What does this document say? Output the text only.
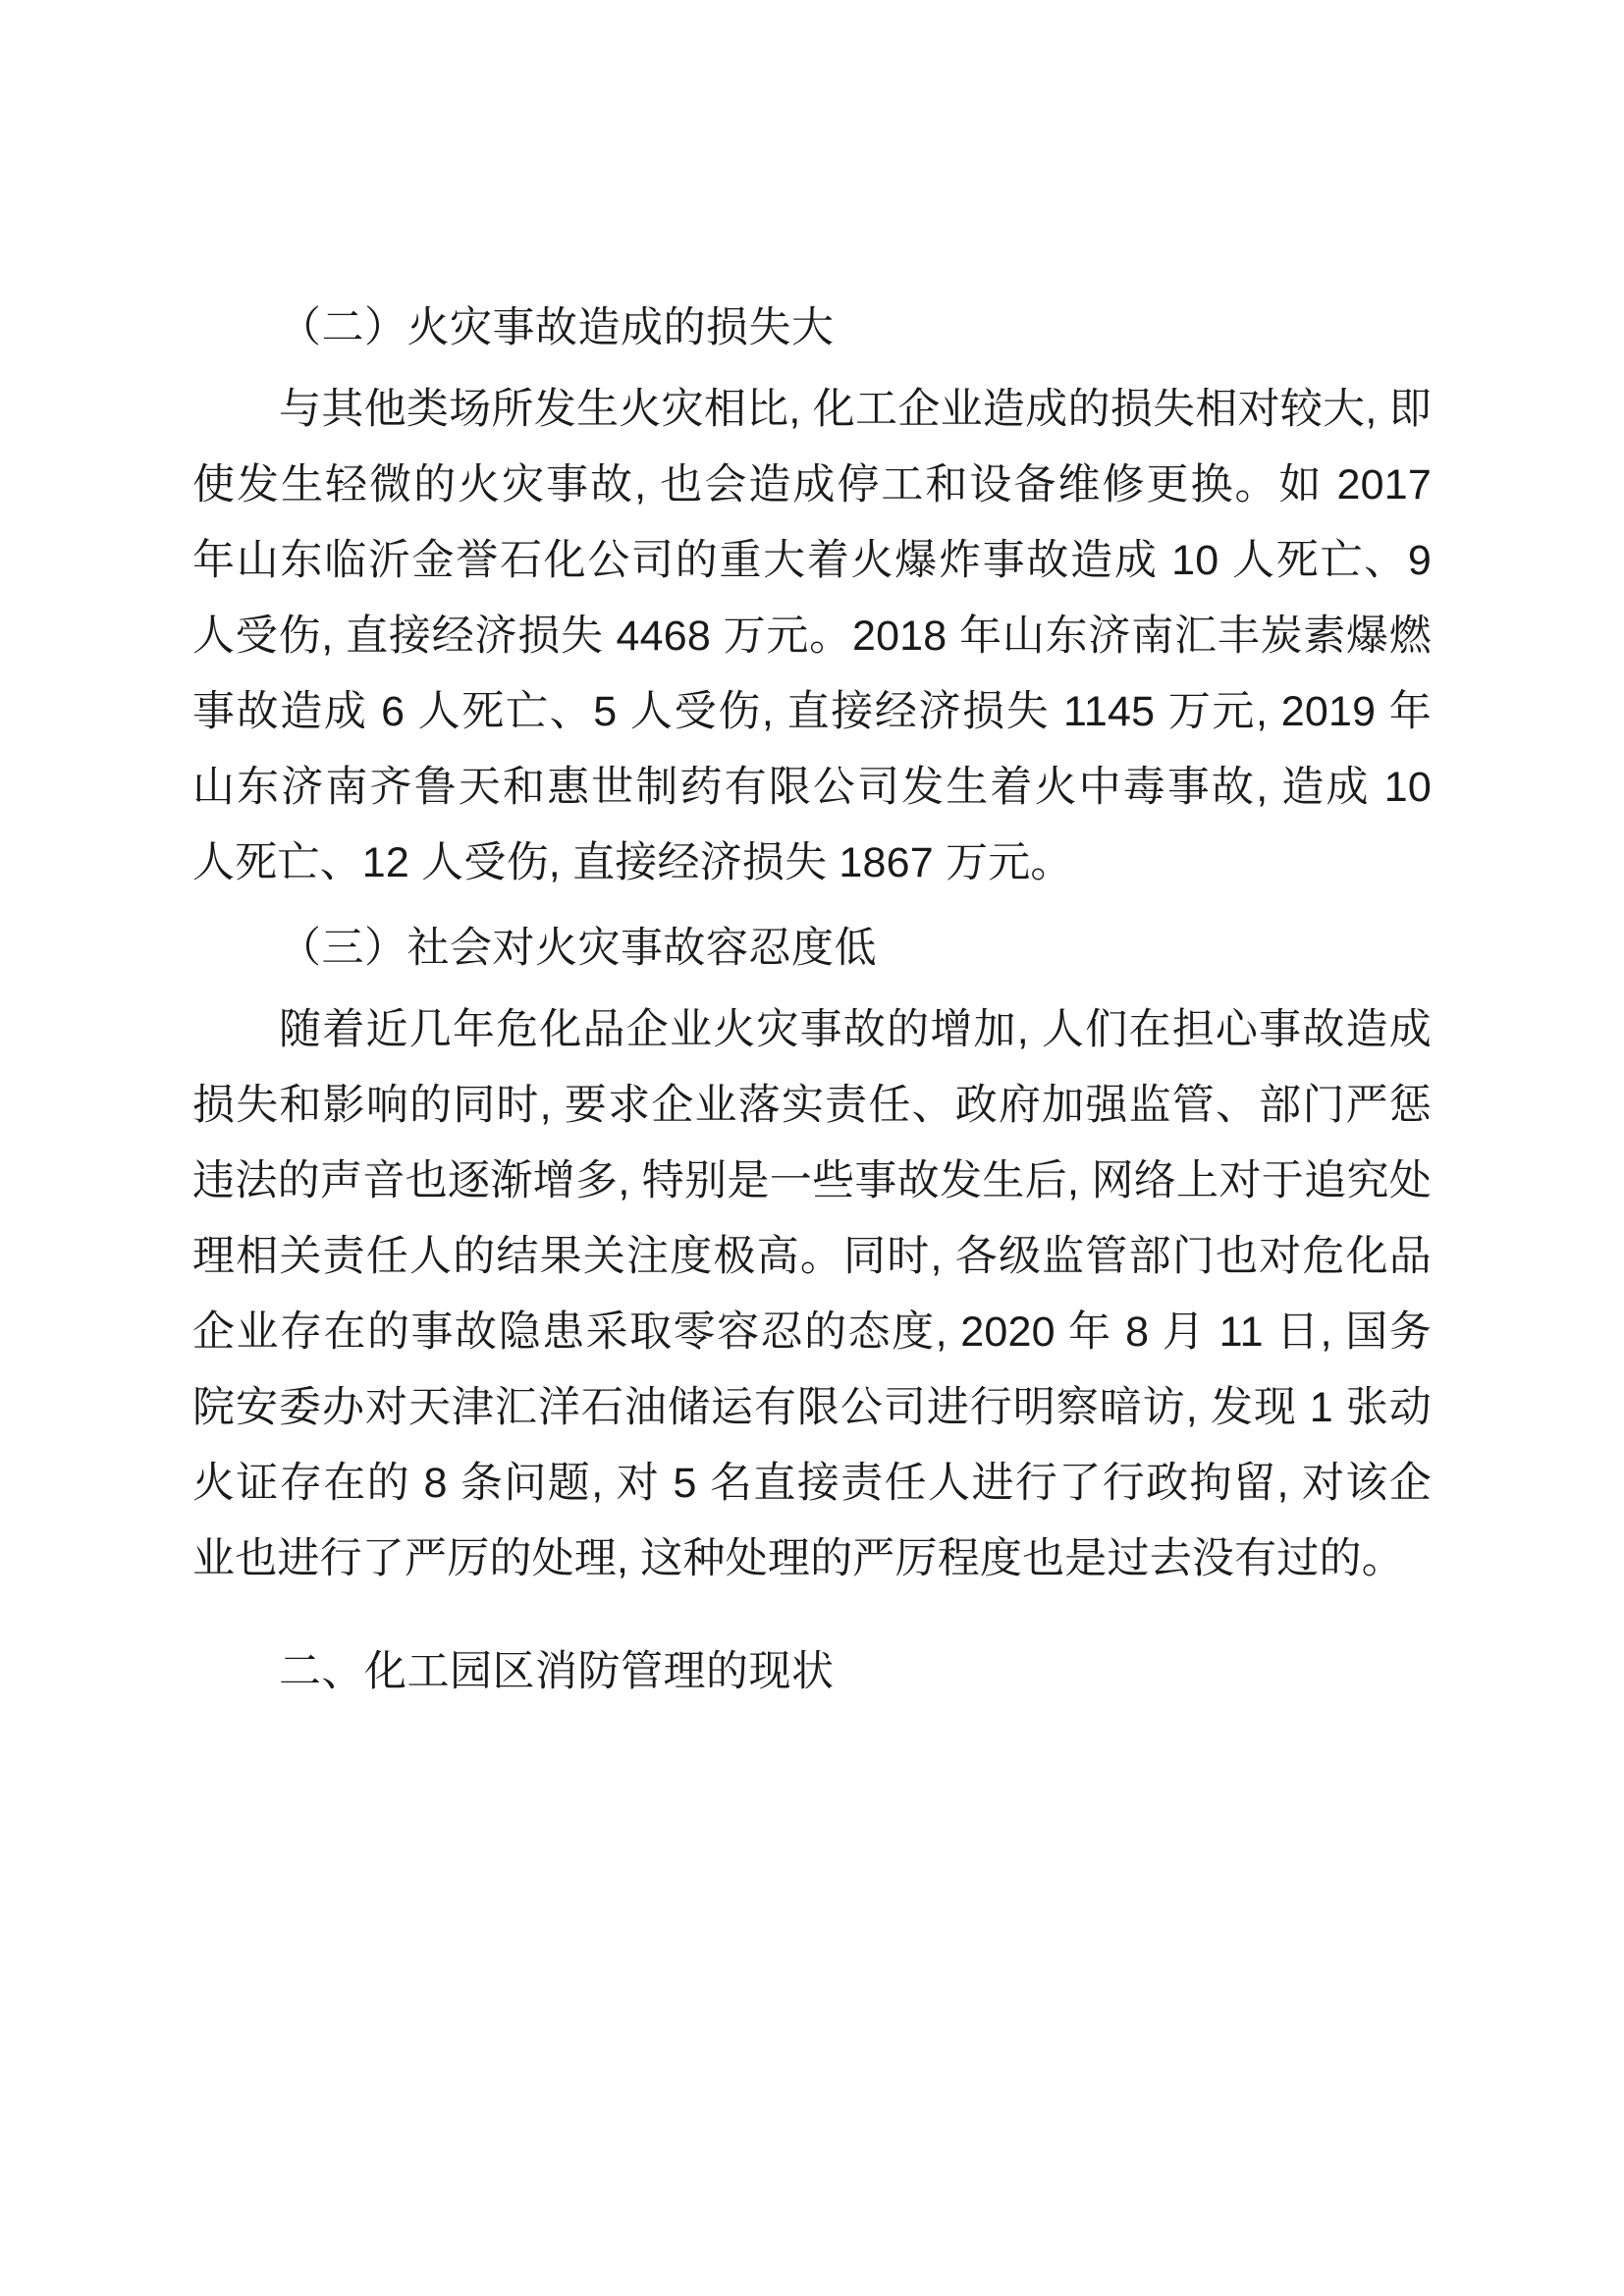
（二）火灾事故造成的损失大

与其他类场所发生火灾相比, 化工企业造成的损失相对较大, 即使发生轻微的火灾事故, 也会造成停工和设备维修更换。如 2017 年山东临沂金誉石化公司的重大着火爆炸事故造成 10 人死亡、9 人受伤, 直接经济损失 4468 万元。2018 年山东济南汇丰炭素爆燃事故造成 6 人死亡、5 人受伤, 直接经济损失 1145 万元, 2019 年山东济南齐鲁天和惠世制药有限公司发生着火中毒事故, 造成 10 人死亡、12 人受伤, 直接经济损失 1867 万元。

（三）社会对火灾事故容忍度低

随着近几年危化品企业火灾事故的增加, 人们在担心事故造成损失和影响的同时, 要求企业落实责任、政府加强监管、部门严惩违法的声音也逐渐增多, 特别是一些事故发生后, 网络上对于追究处理相关责任人的结果关注度极高。同时, 各级监管部门也对危化品企业存在的事故隐患采取零容忍的态度, 2020 年 8 月 11 日, 国务院安委办对天津汇洋石油储运有限公司进行明察暗访, 发现 1 张动火证存在的 8 条问题, 对 5 名直接责任人进行了行政拘留, 对该企业也进行了严厉的处理, 这种处理的严厉程度也是过去没有过的。

二、化工园区消防管理的现状
